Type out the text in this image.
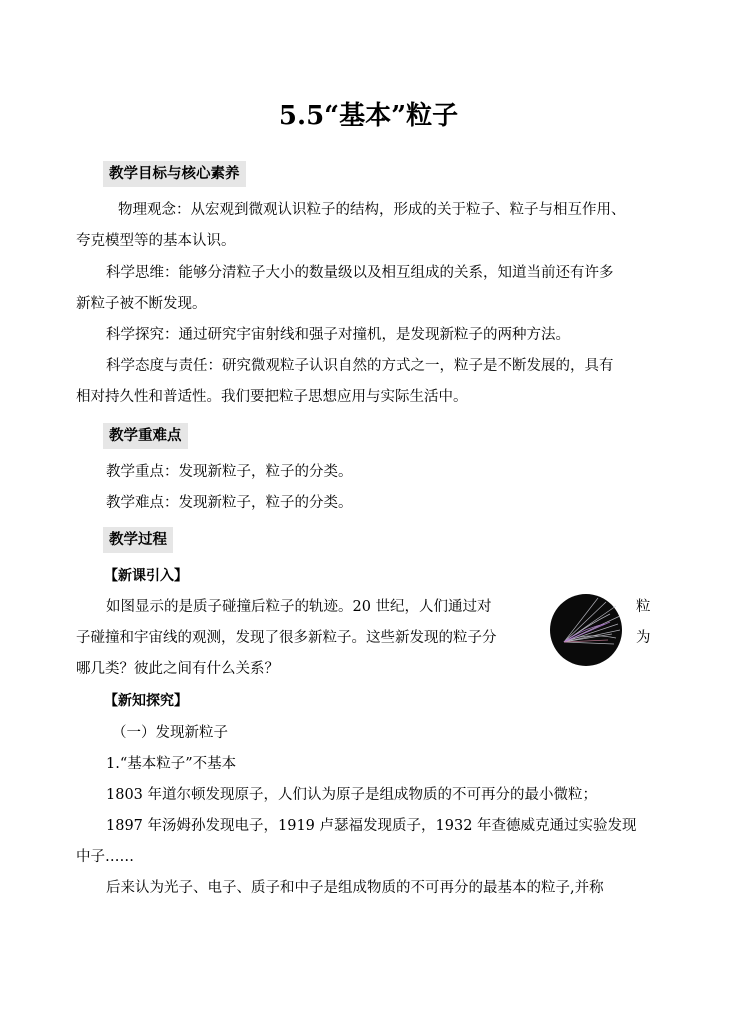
5.5“基本”粒子
教学目标与核心素养
物理观念：从宏观到微观认识粒子的结构，形成的关于粒子、粒子与相互作用、
夸克模型等的基本认识。
科学思维：能够分清粒子大小的数量级以及相互组成的关系，知道当前还有许多
新粒子被不断发现。
科学探究：通过研究宇宙射线和强子对撞机，是发现新粒子的两种方法。
科学态度与责任：研究微观粒子认识自然的方式之一，粒子是不断发展的，具有
相对持久性和普适性。我们要把粒子思想应用与实际生活中。
教学重难点
教学重点：发现新粒子，粒子的分类。
教学难点：发现新粒子，粒子的分类。
教学过程
【新课引入】
如图显示的是质子碰撞后粒子的轨迹。20 世纪，人们通过对	粒
子碰撞和宇宙线的观测，发现了很多新粒子。这些新发现的粒子分	为
哪几类？彼此之间有什么关系？
【新知探究】
（一）发现新粒子
1.“基本粒子”不基本
1803 年道尔顿发现原子，人们认为原子是组成物质的不可再分的最小微粒；
1897 年汤姆孙发现电子，1919 卢瑟福发现质子，1932 年查德威克通过实验发现
中子……
后来认为光子、电子、质子和中子是组成物质的不可再分的最基本的粒子,并称
